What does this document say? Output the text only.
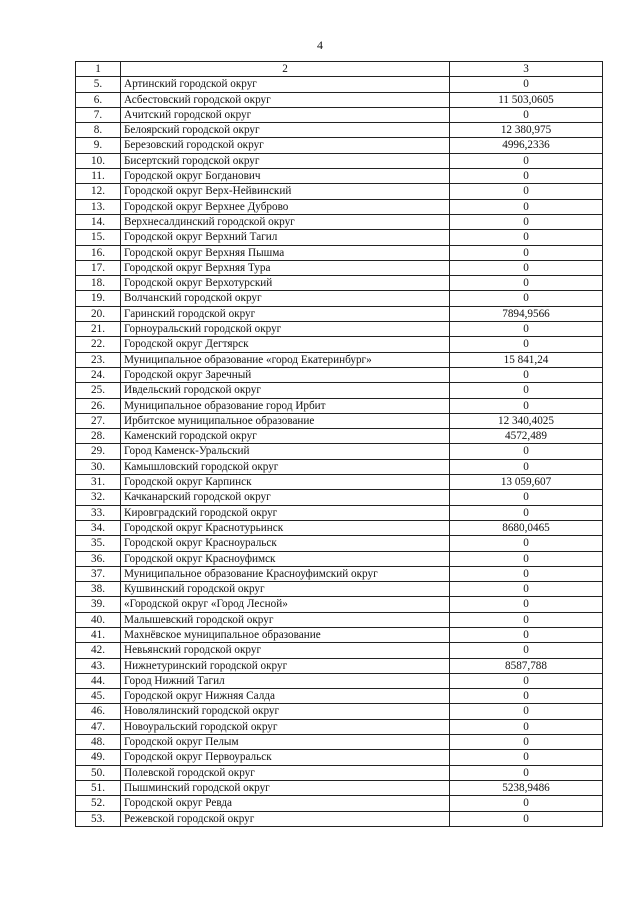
4
1	2	3
5.	Артинский городской округ	0
6.	Асбестовский городской округ	11 503,0605
7.	Ачитский городской округ	0
8.	Белоярский городской округ	12 380,975
9.	Березовский городской округ	4996,2336
10.	Бисертский городской округ	0
11.	Городской округ Богданович	0
12.	Городской округ Верх-Нейвинский	0
13.	Городской округ Верхнее Дуброво	0
14.	Верхнесалдинский городской округ	0
15.	Городской округ Верхний Тагил	0
16.	Городской округ Верхняя Пышма	0
17.	Городской округ Верхняя Тура	0
18.	Городской округ Верхотурский	0
19.	Волчанский городской округ	0
20.	Гаринский городской округ	7894,9566
21.	Горноуральский городской округ	0
22.	Городской округ Дегтярск	0
23.	Муниципальное образование «город Екатеринбург»	15 841,24
24.	Городской округ Заречный	0
25.	Ивдельский городской округ	0
26.	Муниципальное образование город Ирбит	0
27.	Ирбитское муниципальное образование	12 340,4025
28.	Каменский городской округ	4572,489
29.	Город Каменск-Уральский	0
30.	Камышловский городской округ	0
31.	Городской округ Карпинск	13 059,607
32.	Качканарский городской округ	0
33.	Кировградский городской округ	0
34.	Городской округ Краснотурьинск	8680,0465
35.	Городской округ Красноуральск	0
36.	Городской округ Красноуфимск	0
37.	Муниципальное образование Красноуфимский округ	0
38.	Кушвинский городской округ	0
39.	«Городской округ «Город Лесной»	0
40.	Малышевский городской округ	0
41.	Махнёвское муниципальное образование	0
42.	Невьянский городской округ	0
43.	Нижнетуринский городской округ	8587,788
44.	Город Нижний Тагил	0
45.	Городской округ Нижняя Салда	0
46.	Новолялинский городской округ	0
47.	Новоуральский городской округ	0
48.	Городской округ Пелым	0
49.	Городской округ Первоуральск	0
50.	Полевской городской округ	0
51.	Пышминский городской округ	5238,9486
52.	Городской округ Ревда	0
53.	Режевской городской округ	0
